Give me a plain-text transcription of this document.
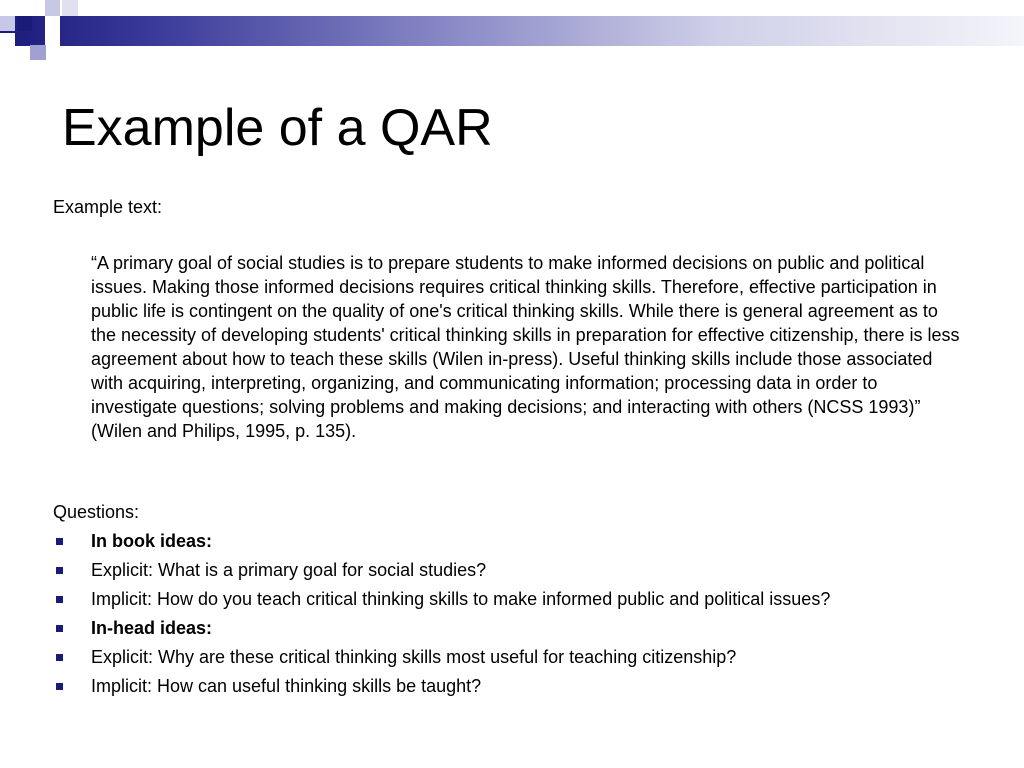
Example of a QAR
Example text:

“A primary goal of social studies is to prepare students to make informed decisions on public and political issues. Making those informed decisions requires critical thinking skills. Therefore, effective participation in public life is contingent on the quality of one's critical thinking skills. While there is general agreement as to the necessity of developing students' critical thinking skills in preparation for effective citizenship, there is less agreement about how to teach these skills (Wilen in-press). Useful thinking skills include those associated with acquiring, interpreting, organizing, and communicating information; processing data in order to investigate questions; solving problems and making decisions; and interacting with others (NCSS 1993)” (Wilen and Philips, 1995, p. 135).

Questions:
In book ideas:
Explicit: What is a primary goal for social studies?
Implicit: How do you teach critical thinking skills to make informed public and political issues?
In-head ideas:
Explicit: Why are these critical thinking skills most useful for teaching citizenship?
Implicit: How can useful thinking skills be taught?
